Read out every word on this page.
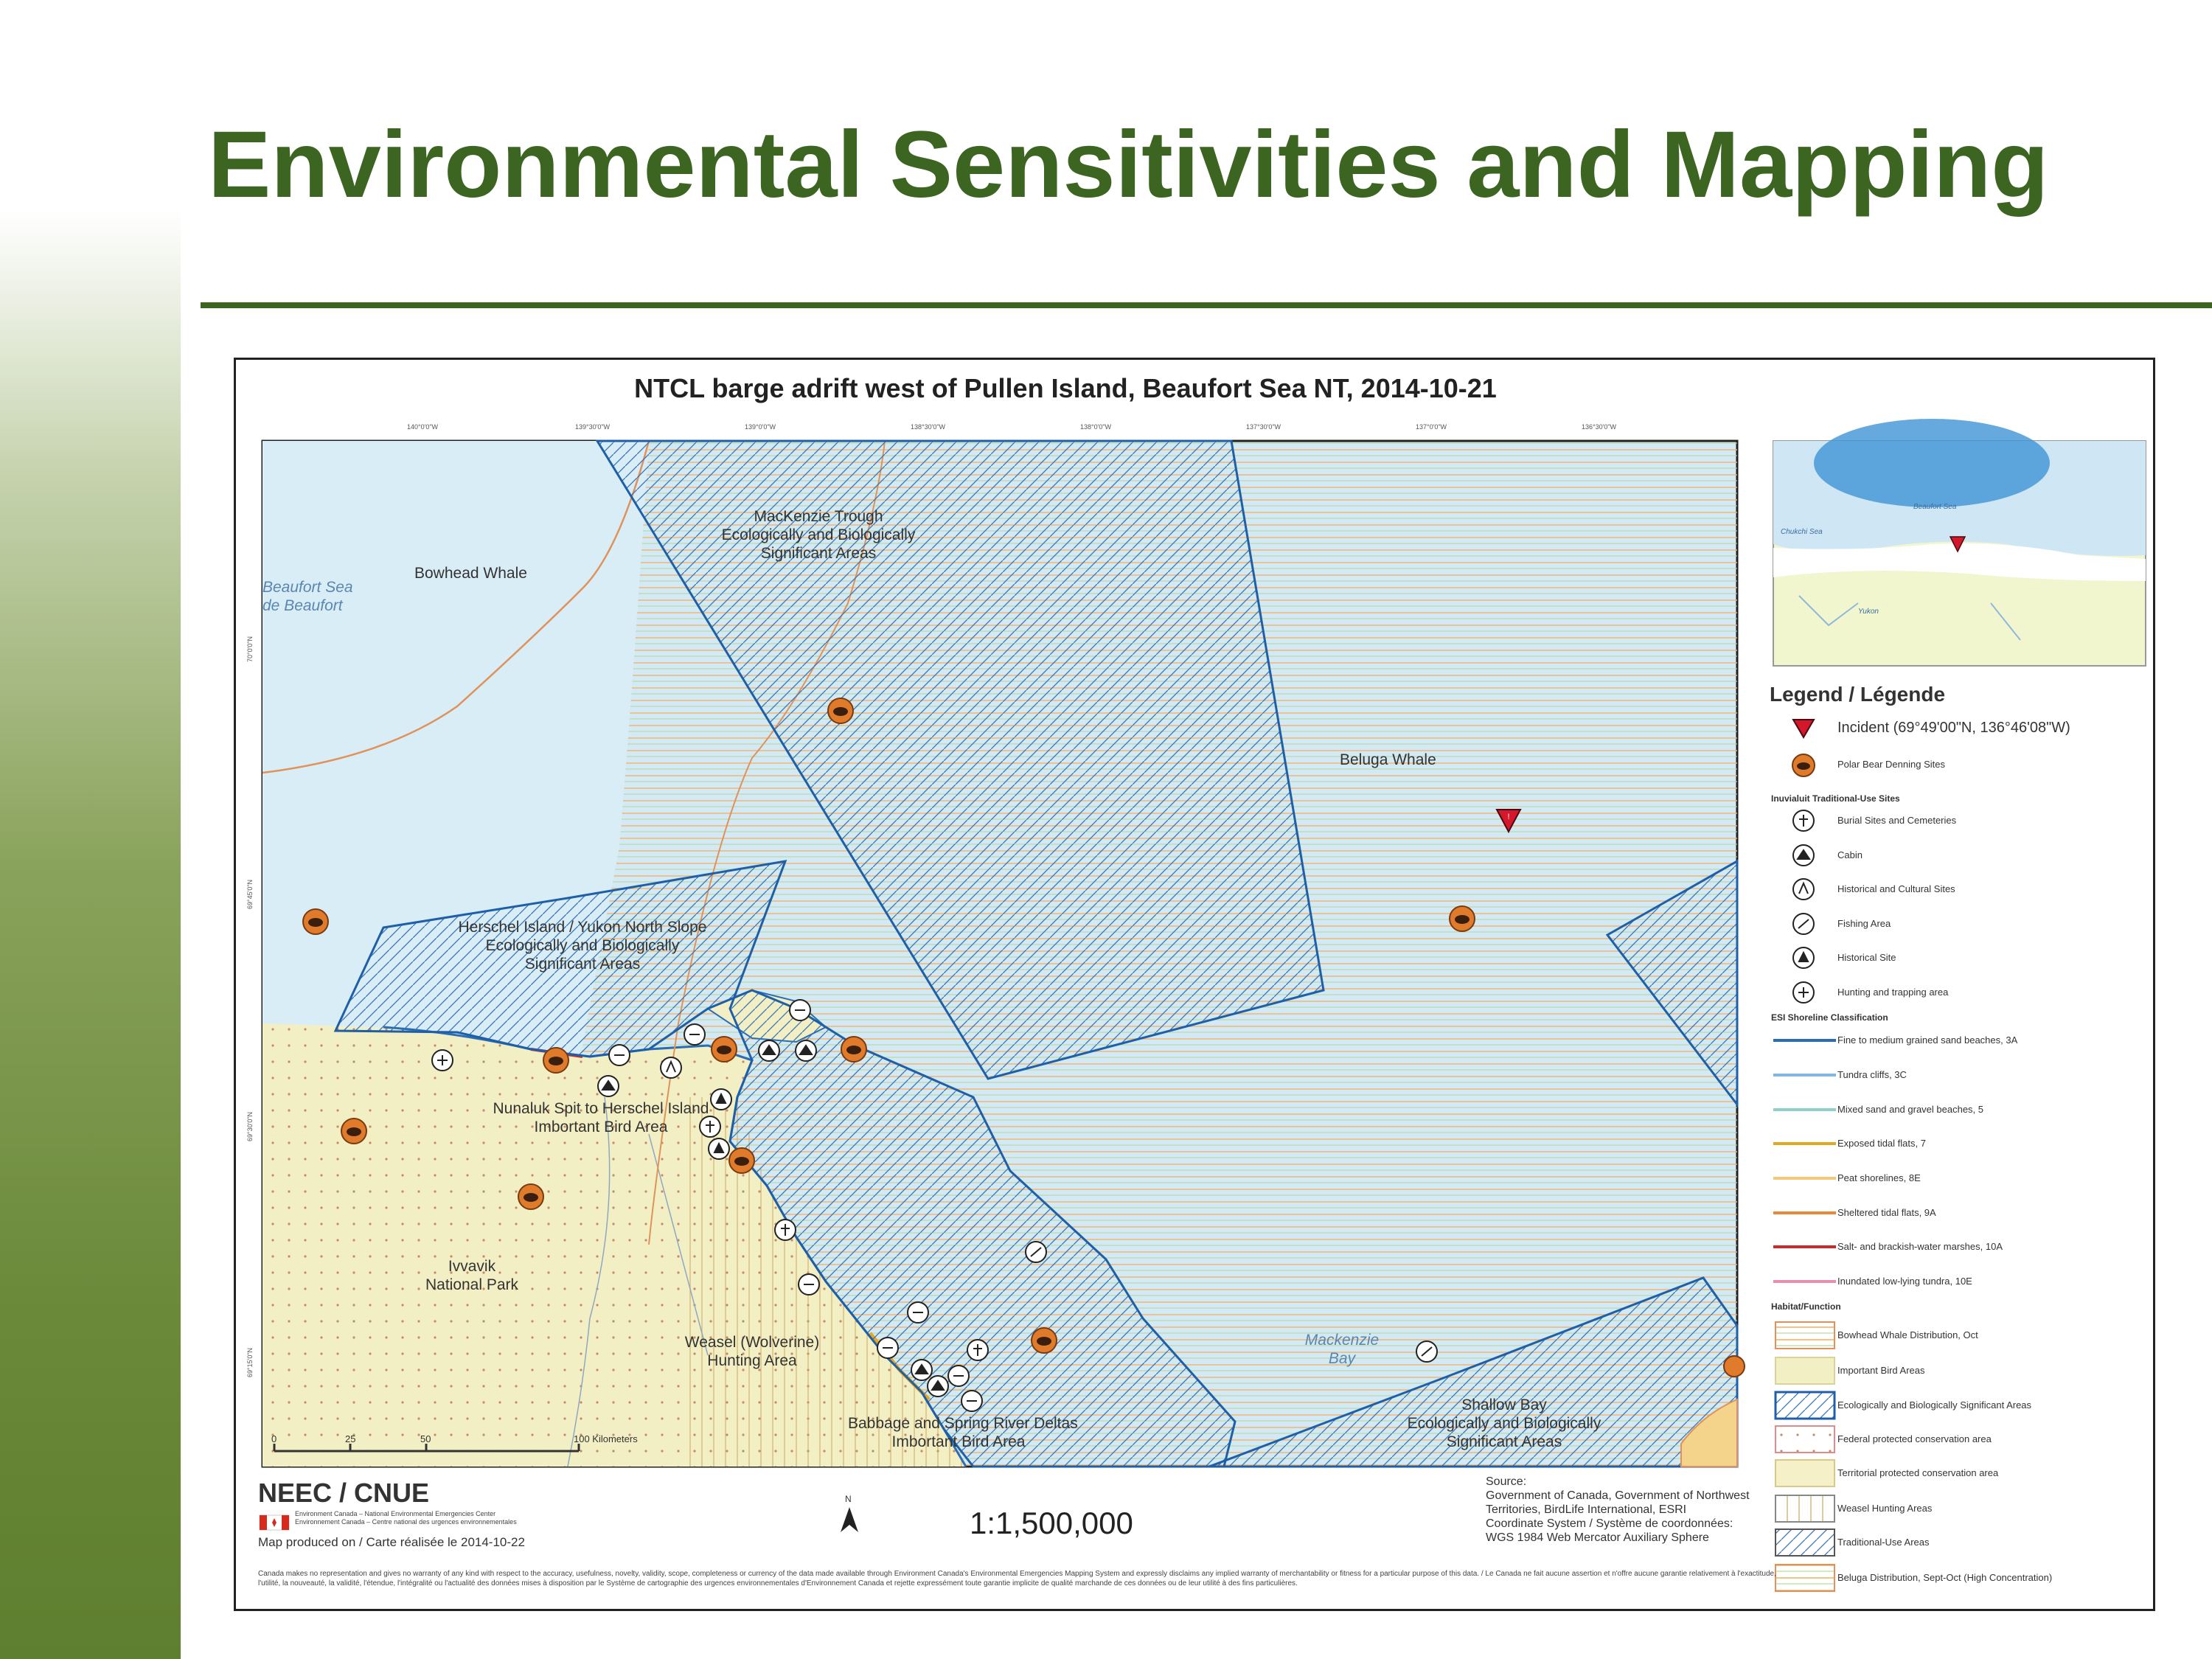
Environmental Sensitivities and Mapping
!
NTCL barge adrift west of Pullen Island, Beaufort Sea NT, 2014-10-21
140°0'0"W	139°30'0"W	139°0'0"W	138°30'0"W	138°0'0"W	137°30'0"W	137°0'0"W	136°30'0"W
70°0'0"N
69°45'0"N
69°30'0"N
69°15'0"N
MacKenzie Trough
Ecologically and Biologically
Significant Areas
Bowhead Whale
Beaufort Sea
de Beaufort
Beluga Whale
Herschel Island / Yukon North Slope
Ecologically and Biologically
Significant Areas
Nunaluk Spit to Herschel Island
Imbortant Bird Area
Ivvavik
National Park
Weasel (Wolverine)
Hunting Area
Babbage and Spring River Deltas
Imbortant Bird Area
Mackenzie
Bay
Shallow Bay
Ecologically and Biologically
Significant Areas
0	25	50	100 Kilometers
Beaufort Sea
Chukchi Sea
Yukon
Legend / Légende
Incident (69°49'00"N, 136°46'08"W)
Polar Bear Denning Sites
Inuvialuit Traditional-Use Sites
Burial Sites and Cemeteries
Cabin
Historical and Cultural Sites
Fishing Area
Historical Site
Hunting and trapping area
ESI Shoreline Classification
Fine to medium grained sand beaches, 3A
Tundra cliffs, 3C
Mixed sand and gravel beaches, 5
Exposed tidal flats, 7
Peat shorelines, 8E
Sheltered tidal flats, 9A
Salt- and brackish-water marshes, 10A
Inundated low-lying tundra, 10E
Habitat/Function
Bowhead Whale Distribution, Oct
Important Bird Areas
Ecologically and Biologically Significant Areas
Federal protected conservation area
Territorial protected conservation area
Weasel Hunting Areas
Traditional-Use Areas
Beluga Distribution, Sept-Oct (High Concentration)
NEEC / CNUE
Environment Canada – National Environmental Emergencies Center
Environnement Canada – Centre national des urgences environnementales
Map produced on / Carte réalisée le 2014-10-22
N
1:1,500,000
Source:
Government of Canada, Government of Northwest
Territories, BirdLife International, ESRI
Coordinate System / Système de coordonnées:
WGS 1984 Web Mercator Auxiliary Sphere
Canada makes no representation and gives no warranty of any kind with respect to the accuracy, usefulness, novelty, validity, scope, completeness or currency of the data made available through Environment Canada's Environmental Emergencies Mapping System and expressly disclaims any implied warranty of merchantability or fitness for a particular purpose of this data. / Le Canada ne fait aucune assertion et n'offre aucune garantie relativement à l'exactitude, l'utilité, la nouveauté, la validité, l'étendue, l'intégralité ou l'actualité des données mises à disposition par le Système de cartographie des urgences environnementales d'Environnement Canada et rejette expressément toute garantie implicite de qualité marchande de ces données ou de leur utilité à des fins particulières.
